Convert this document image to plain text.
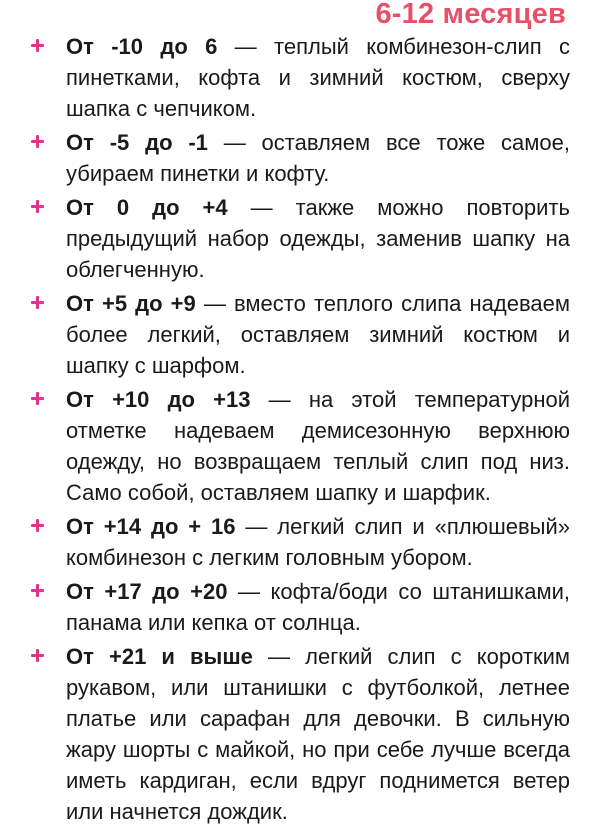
6-12 месяцев
От -10 до 6 — теплый комбинезон-слип с пинетками, кофта и зимний костюм, сверху шапка с чепчиком.
От -5 до -1 — оставляем все тоже самое, убираем пинетки и кофту.
От 0 до +4 — также можно повторить предыдущий набор одежды, заменив шапку на облегченную.
От +5 до +9 — вместо теплого слипа надеваем более легкий, оставляем зимний костюм и шапку с шарфом.
От +10 до +13 — на этой температурной отметке надеваем демисезонную верхнюю одежду, но возвращаем теплый слип под низ. Само собой, оставляем шапку и шарфик.
От +14 до + 16 — легкий слип и «плюшевый» комбинезон с легким головным убором.
От +17 до +20 — кофта/боди со штанишками, панама или кепка от солнца.
От +21 и выше — легкий слип с коротким рукавом, или штанишки с футболкой, летнее платье или сарафан для девочки. В сильную жару шорты с майкой, но при себе лучше всегда иметь кардиган, если вдруг поднимется ветер или начнется дождик.
